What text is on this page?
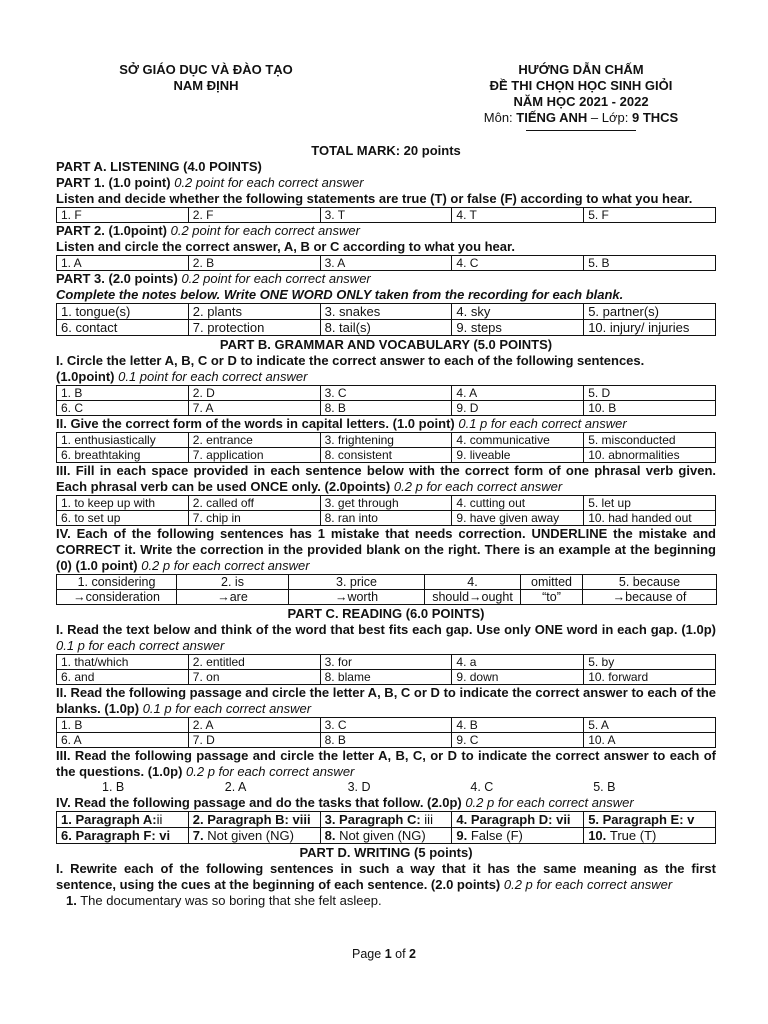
SỞ GIÁO DỤC VÀ ĐÀO TẠO
NAM ĐỊNH
HƯỚNG DẪN CHẤM
ĐỀ THI CHỌN HỌC SINH GIỎI
NĂM HỌC 2021 - 2022
Môn: TIẾNG ANH – Lớp: 9 THCS
TOTAL MARK: 20 points
PART A. LISTENING (4.0 POINTS)
PART 1. (1.0 point) 0.2 point for each correct answer
Listen and decide whether the following statements are true (T) or false (F) according to what you hear.
1. F	2. F	3. T	4. T	5. F
PART 2. (1.0point) 0.2 point for each correct answer
Listen and circle the correct answer, A, B or C according to what you hear.
1. A	2. B	3. A	4. C	5. B
PART 3. (2.0 points) 0.2 point for each correct answer
Complete the notes below. Write ONE WORD ONLY taken from the recording for each blank.
1. tongue(s)	2. plants	3. snakes	4. sky	5. partner(s)
6. contact	7. protection	8. tail(s)	9. steps	10. injury/ injuries
PART B. GRAMMAR AND VOCABULARY (5.0 POINTS)
I. Circle the letter A, B, C or D to indicate the correct answer to each of the following sentences.
(1.0point) 0.1 point for each correct answer
1. B	2. D	3. C	4. A	5. D
6. C	7. A	8. B	9. D	10. B
II. Give the correct form of the words in capital letters. (1.0 point) 0.1 p for each correct answer
1. enthusiastically	2. entrance	3. frightening	4. communicative	5. misconducted
6. breathtaking	7. application	8. consistent	9. liveable	10. abnormalities
III. Fill in each space provided in each sentence below with the correct form of one phrasal verb given. Each phrasal verb can be used ONCE only. (2.0points) 0.2 p for each correct answer
1. to keep up with	2. called off	3. get through	4. cutting out	5. let up
6. to set up	7. chip in	8. ran into	9. have given away	10. had handed out
IV. Each of the following sentences has 1 mistake that needs correction. UNDERLINE the mistake and CORRECT it. Write the correction in the provided blank on the right. There is an example at the beginning (0) (1.0 point) 0.2 p for each correct answer
1. considering	2. is	3. price	4.	omitted	5. because
→consideration	→are	→worth	should→ought	“to”	→because of
PART C. READING (6.0 POINTS)
I. Read the text below and think of the word that best fits each gap. Use only ONE word in each gap. (1.0p) 0.1 p for each correct answer
1. that/which	2. entitled	3. for	4. a	5. by
6. and	7. on	8. blame	9. down	10. forward
II. Read the following passage and circle the letter A, B, C or D to indicate the correct answer to each of the blanks. (1.0p) 0.1 p for each correct answer
1. B	2. A	3. C	4. B	5. A
6. A	7. D	8. B	9. C	10. A
III. Read the following passage and circle the letter A, B, C, or D to indicate the correct answer to each of the questions. (1.0p) 0.2 p for each correct answer
1. B	2. A	3. D	4. C	5. B
IV. Read the following passage and do the tasks that follow. (2.0p) 0.2 p for each correct answer
1. Paragraph A:ii	2. Paragraph B: viii	3. Paragraph C: iii	4. Paragraph D: vii	5. Paragraph E: v
6. Paragraph F: vi	7. Not given (NG)	8. Not given (NG)	9. False (F)	10. True (T)
PART D. WRITING (5 points)
I. Rewrite each of the following sentences in such a way that it has the same meaning as the first sentence, using the cues at the beginning of each sentence. (2.0 points) 0.2 p for each correct answer
1. The documentary was so boring that she felt asleep.
Page 1 of 2
